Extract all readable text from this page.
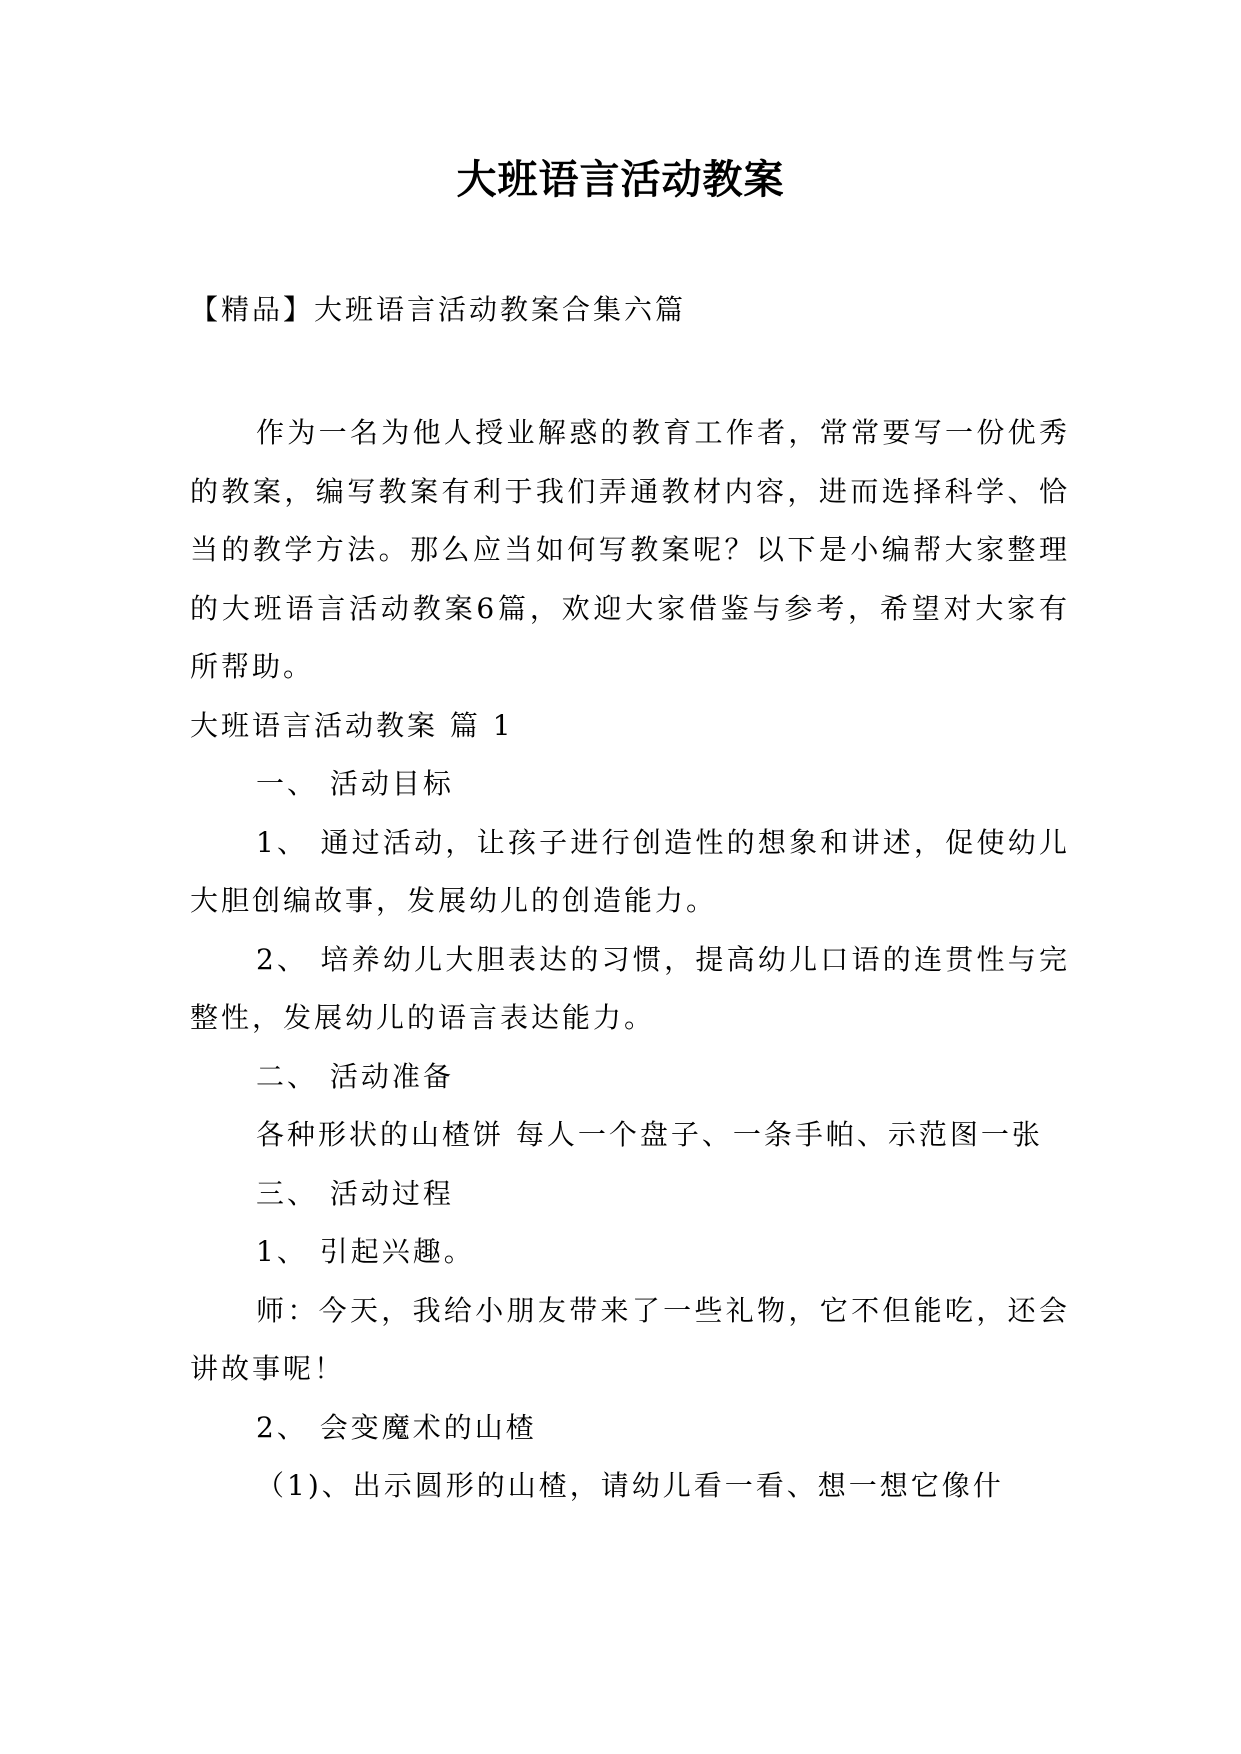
大班语言活动教案
【精品】大班语言活动教案合集六篇

作为一名为他人授业解惑的教育工作者，常常要写一份优秀的教案，编写教案有利于我们弄通教材内容，进而选择科学、恰当的教学方法。那么应当如何写教案呢？以下是小编帮大家整理的大班语言活动教案6篇，欢迎大家借鉴与参考，希望对大家有所帮助。

大班语言活动教案 篇 1

一、 活动目标

1、 通过活动，让孩子进行创造性的想象和讲述，促使幼儿大胆创编故事，发展幼儿的创造能力。

2、 培养幼儿大胆表达的习惯，提高幼儿口语的连贯性与完整性，发展幼儿的语言表达能力。

二、 活动准备

各种形状的山楂饼 每人一个盘子、一条手帕、示范图一张

三、 活动过程

1、 引起兴趣。

师：今天，我给小朋友带来了一些礼物，它不但能吃，还会讲故事呢！

2、 会变魔术的山楂

（1)、出示圆形的山楂，请幼儿看一看、想一想它像什
